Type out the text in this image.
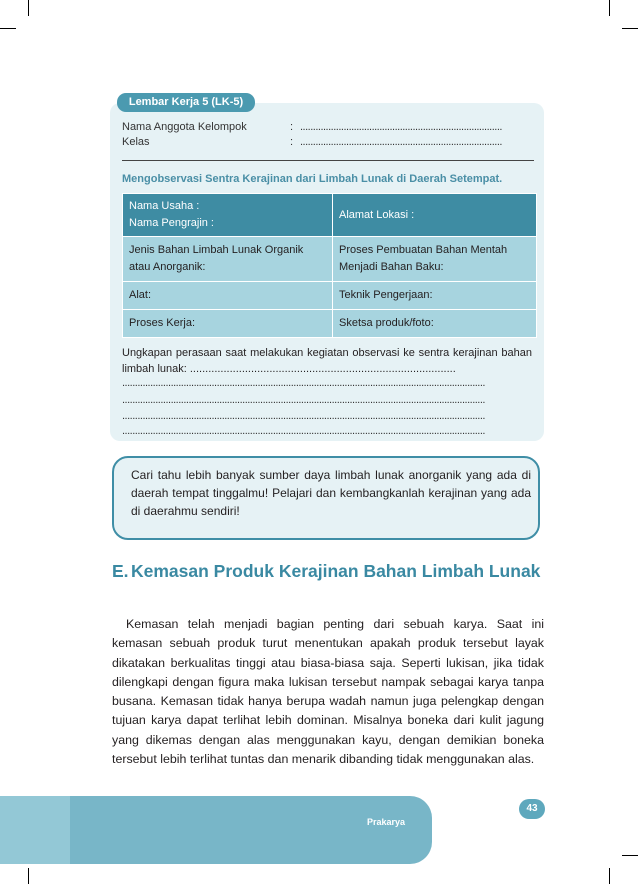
Lembar Kerja 5 (LK-5)
Nama Anggota Kelompok	: ...............................................................................
Kelas	: ...............................................................................
Mengobservasi Sentra Kerajinan dari Limbah Lunak di Daerah Setempat.
Nama Usaha :
Nama Pengrajin :	Alamat Lokasi :
Jenis Bahan Limbah Lunak Organik atau Anorganik:	Proses Pembuatan Bahan Mentah Menjadi Bahan Baku:
Alat:	Teknik Pengerjaan:
Proses Kerja:	Sketsa produk/foto:
Ungkapan perasaan saat melakukan kegiatan observasi ke sentra kerajinan bahan limbah lunak: .......................................................................................
..............................................................................................................................................
..............................................................................................................................................
..............................................................................................................................................
..............................................................................................................................................
Cari tahu lebih banyak sumber daya limbah lunak anorganik yang ada di daerah tempat tinggalmu! Pelajari dan kembangkanlah kerajinan yang ada di daerahmu sendiri!
E. Kemasan Produk Kerajinan Bahan Limbah Lunak
Kemasan telah menjadi bagian penting dari sebuah karya. Saat ini kemasan sebuah produk turut menentukan apakah produk tersebut layak dikatakan berkualitas tinggi atau biasa-biasa saja. Seperti lukisan, jika tidak dilengkapi dengan figura maka lukisan tersebut nampak sebagai karya tanpa busana. Kemasan tidak hanya berupa wadah namun juga pelengkap dengan tujuan karya dapat terlihat lebih dominan. Misalnya boneka dari kulit jagung yang dikemas dengan alas menggunakan kayu, dengan demikian boneka tersebut lebih terlihat tuntas dan menarik dibanding tidak menggunakan alas.
Prakarya
43
